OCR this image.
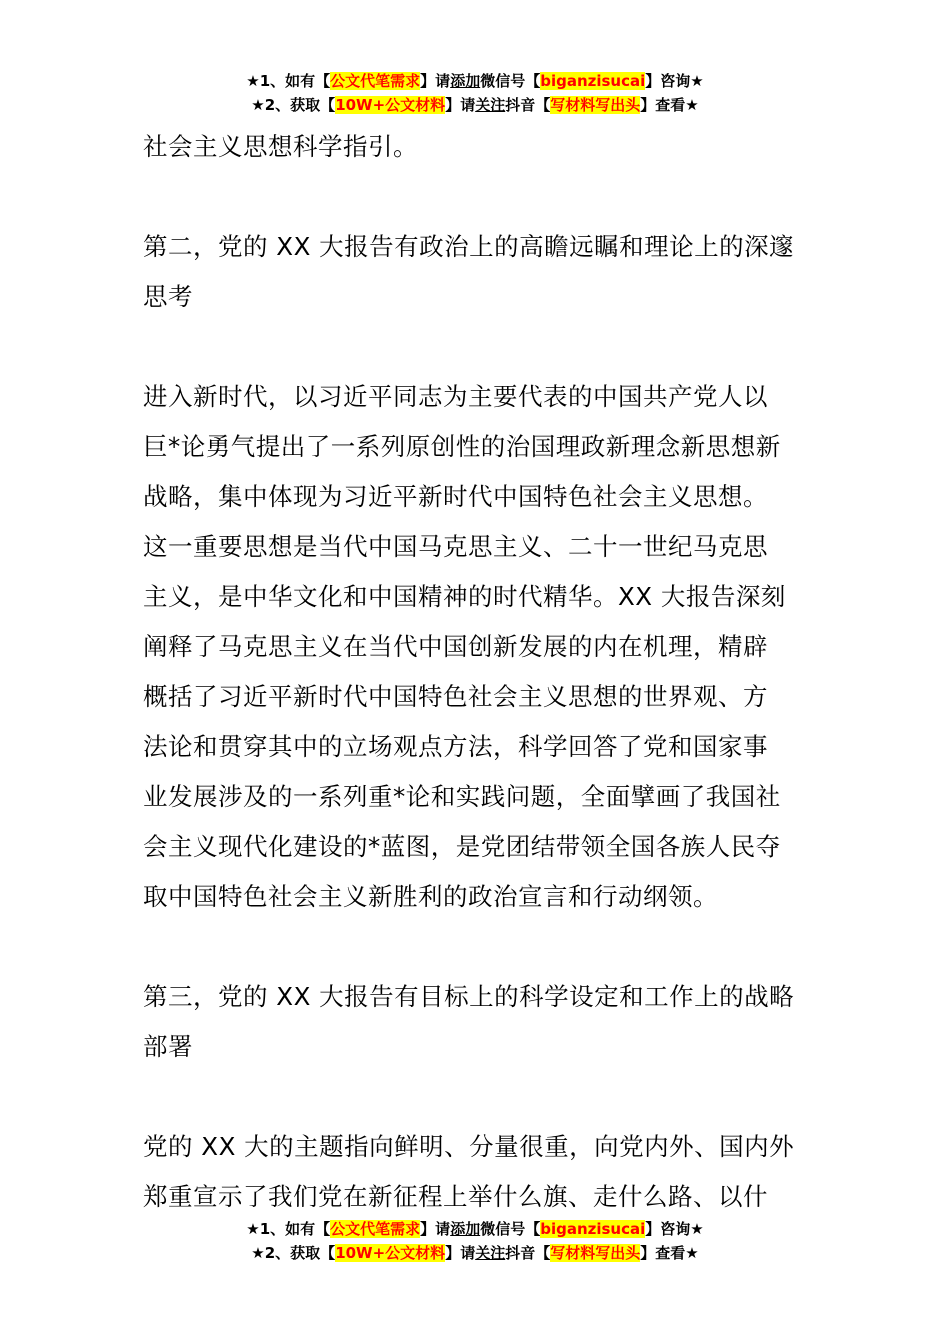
★1、如有【公文代笔需求】请添加微信号【biganzisucai】咨询★
★2、获取【10W+公文材料】请关注抖音【写材料写出头】查看★

社会主义思想科学指引。

第二，党的 XX 大报告有政治上的高瞻远瞩和理论上的深邃

思考

进入新时代，以习近平同志为主要代表的中国共产党人以

巨*论勇气提出了一系列原创性的治国理政新理念新思想新

战略，集中体现为习近平新时代中国特色社会主义思想。

这一重要思想是当代中国马克思主义、二十一世纪马克思

主义，是中华文化和中国精神的时代精华。XX 大报告深刻

阐释了马克思主义在当代中国创新发展的内在机理，精辟

概括了习近平新时代中国特色社会主义思想的世界观、方

法论和贯穿其中的立场观点方法，科学回答了党和国家事

业发展涉及的一系列重*论和实践问题，全面擘画了我国社

会主义现代化建设的*蓝图，是党团结带领全国各族人民夺

取中国特色社会主义新胜利的政治宣言和行动纲领。

第三，党的 XX 大报告有目标上的科学设定和工作上的战略

部署

党的 XX 大的主题指向鲜明、分量很重，向党内外、国内外

郑重宣示了我们党在新征程上举什么旗、走什么路、以什

★1、如有【公文代笔需求】请添加微信号【biganzisucai】咨询★
★2、获取【10W+公文材料】请关注抖音【写材料写出头】查看★
